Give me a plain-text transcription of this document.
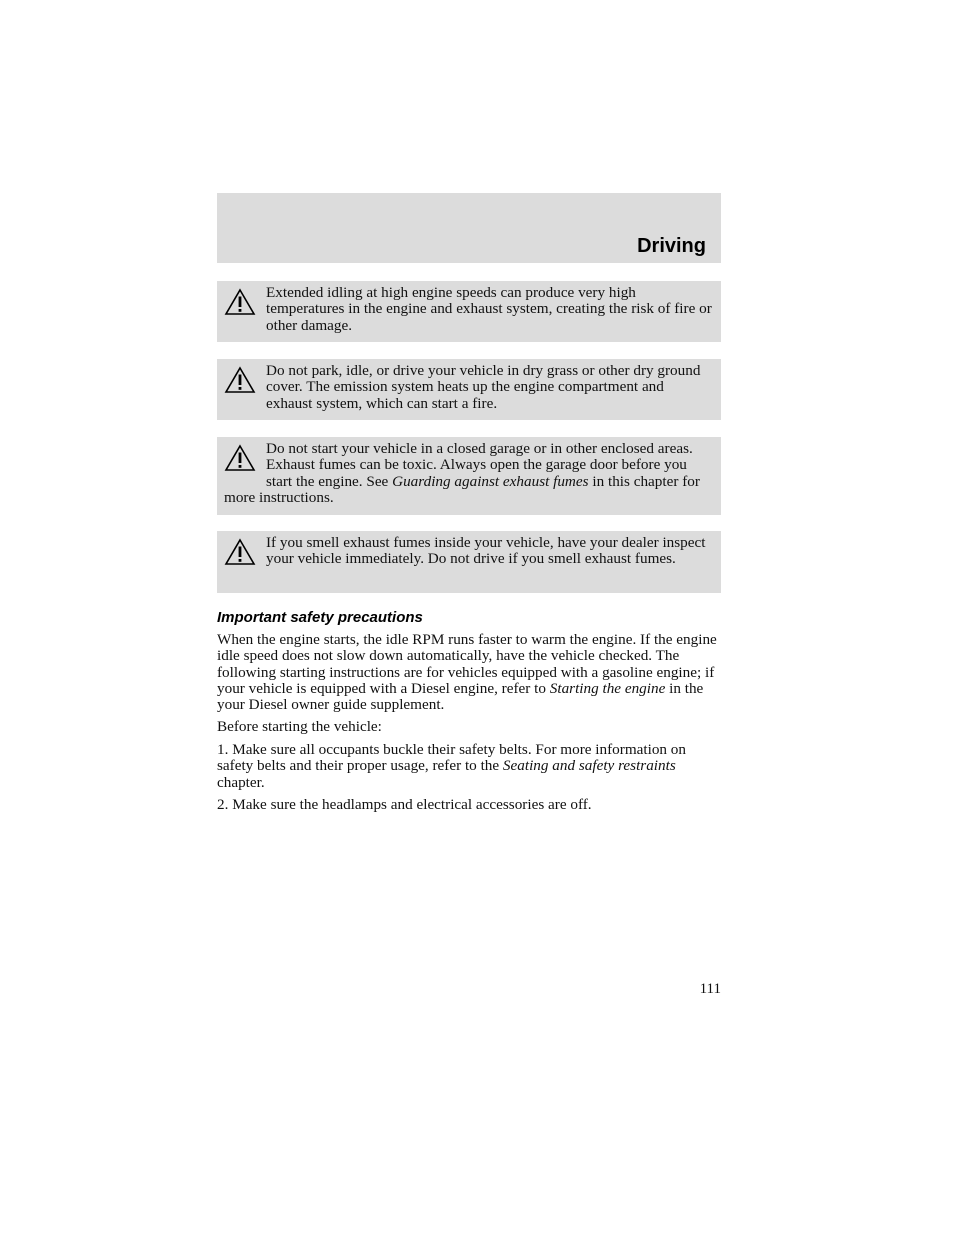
Driving
Extended idling at high engine speeds can produce very high temperatures in the engine and exhaust system, creating the risk of fire or other damage.
Do not park, idle, or drive your vehicle in dry grass or other dry ground cover. The emission system heats up the engine compartment and exhaust system, which can start a fire.
Do not start your vehicle in a closed garage or in other enclosed areas. Exhaust fumes can be toxic. Always open the garage door before you start the engine. See Guarding against exhaust fumes in this chapter for more instructions.
If you smell exhaust fumes inside your vehicle, have your dealer inspect your vehicle immediately. Do not drive if you smell exhaust fumes.
Important safety precautions
When the engine starts, the idle RPM runs faster to warm the engine. If the engine idle speed does not slow down automatically, have the vehicle checked. The following starting instructions are for vehicles equipped with a gasoline engine; if your vehicle is equipped with a Diesel engine, refer to Starting the engine in the your Diesel owner guide supplement.
Before starting the vehicle:
1. Make sure all occupants buckle their safety belts. For more information on safety belts and their proper usage, refer to the Seating and safety restraints chapter.
2. Make sure the headlamps and electrical accessories are off.
111
